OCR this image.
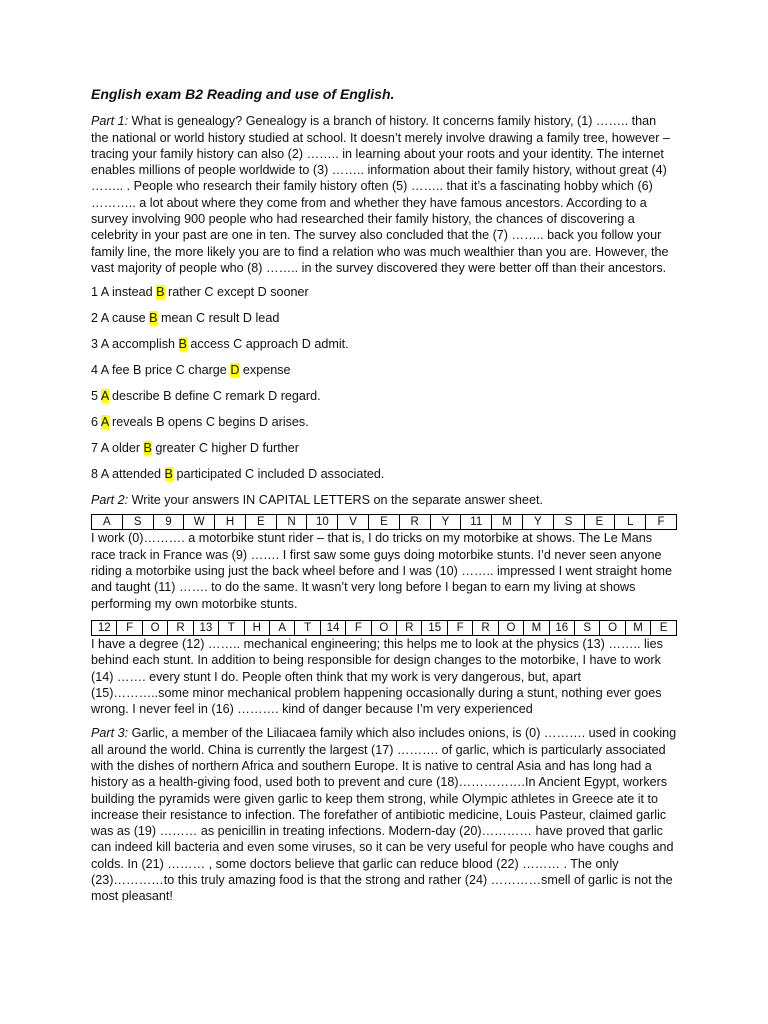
English exam B2 Reading and use of English.

Part 1: What is genealogy? Genealogy is a branch of history. It concerns family history, (1) …….. than the national or world history studied at school. It doesn’t merely involve drawing a family tree, however – tracing your family history can also (2) …….. in learning about your roots and your identity. The internet enables millions of people worldwide to (3) …….. information about their family history, without great (4) …….. . People who research their family history often (5) …….. that it’s a fascinating hobby which (6) ……….. a lot about where they come from and whether they have famous ancestors. According to a survey involving 900 people who had researched their family history, the chances of discovering a celebrity in your past are one in ten. The survey also concluded that the (7) …….. back you follow your family line, the more likely you are to find a relation who was much wealthier than you are. However, the vast majority of people who (8) …….. in the survey discovered they were better off than their ancestors.

1 A instead B rather C except D sooner
2 A cause B mean C result D lead
3 A accomplish B access C approach D admit.
4 A fee B price C charge D expense
5 A describe B define C remark D regard.
6 A reveals B opens C begins D arises.
7 A older B greater C higher D further
8 A attended B participated C included D associated.

Part 2: Write your answers IN CAPITAL LETTERS on the separate answer sheet.

A	S	9	W	H	E	N	10	V	E	R	Y	11	M	Y	S	E	L	F

I work (0)………. a motorbike stunt rider – that is, I do tricks on my motorbike at shows. The Le Mans race track in France was (9) ……. I first saw some guys doing motorbike stunts. I’d never seen anyone riding a motorbike using just the back wheel before and I was (10) …….. impressed I went straight home and taught (11) ……. to do the same. It wasn’t very long before I began to earn my living at shows performing my own motorbike stunts.

12	F	O	R	13	T	H	A	T	14	F	O	R	15	F	R	O	M	16	S	O	M	E

I have a degree (12) …….. mechanical engineering; this helps me to look at the physics (13) …….. lies behind each stunt. In addition to being responsible for design changes to the motorbike, I have to work (14) ……. every stunt I do. People often think that my work is very dangerous, but, apart (15)………..some minor mechanical problem happening occasionally during a stunt, nothing ever goes wrong. I never feel in (16) ………. kind of danger because I’m very experienced

Part 3: Garlic, a member of the Liliacaea family which also includes onions, is (0) ………. used in cooking all around the world. China is currently the largest (17) ………. of garlic, which is particularly associated with the dishes of northern Africa and southern Europe. It is native to central Asia and has long had a history as a health-giving food, used both to prevent and cure (18)…………….In Ancient Egypt, workers building the pyramids were given garlic to keep them strong, while Olympic athletes in Greece ate it to increase their resistance to infection. The forefather of antibiotic medicine, Louis Pasteur, claimed garlic was as (19) ……… as penicillin in treating infections. Modern-day (20)………… have proved that garlic can indeed kill bacteria and even some viruses, so it can be very useful for people who have coughs and colds. In (21) ……… , some doctors believe that garlic can reduce blood (22) ……… . The only (23)…………to this truly amazing food is that the strong and rather (24) …………smell of garlic is not the most pleasant!
